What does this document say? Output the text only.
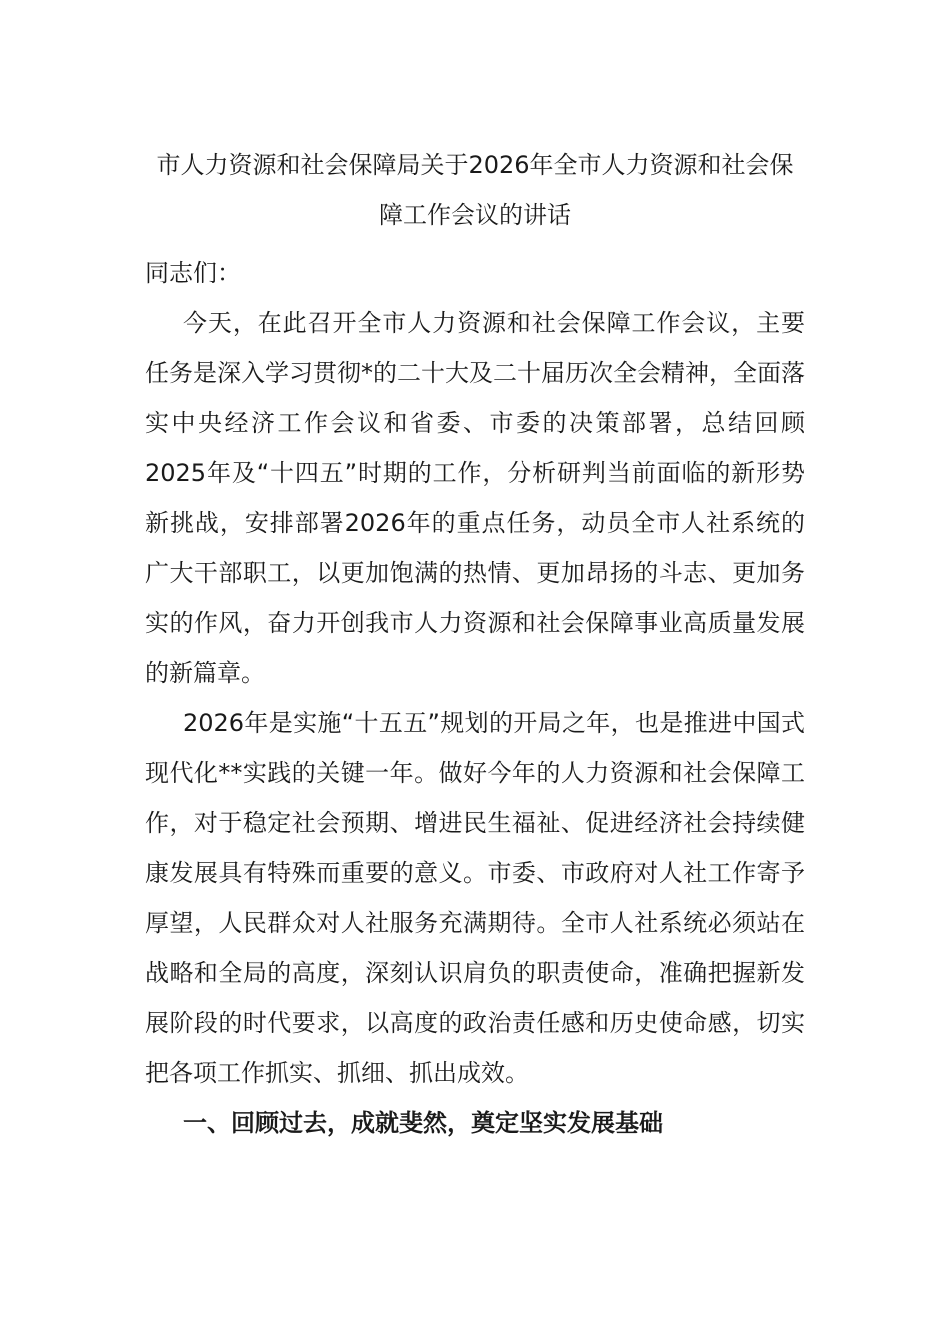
市人力资源和社会保障局关于2026年全市人力资源和社会保
障工作会议的讲话

同志们：

今天，在此召开全市人力资源和社会保障工作会议，主要任务是深入学习贯彻*的二十大及二十届历次全会精神，全面落实中央经济工作会议和省委、市委的决策部署，总结回顾2025年及“十四五”时期的工作，分析研判当前面临的新形势新挑战，安排部署2026年的重点任务，动员全市人社系统的广大干部职工，以更加饱满的热情、更加昂扬的斗志、更加务实的作风，奋力开创我市人力资源和社会保障事业高质量发展的新篇章。

2026年是实施“十五五”规划的开局之年，也是推进中国式现代化**实践的关键一年。做好今年的人力资源和社会保障工作，对于稳定社会预期、增进民生福祉、促进经济社会持续健康发展具有特殊而重要的意义。市委、市政府对人社工作寄予厚望，人民群众对人社服务充满期待。全市人社系统必须站在战略和全局的高度，深刻认识肩负的职责使命，准确把握新发展阶段的时代要求，以高度的政治责任感和历史使命感，切实把各项工作抓实、抓细、抓出成效。

一、回顾过去，成就斐然，奠定坚实发展基础
